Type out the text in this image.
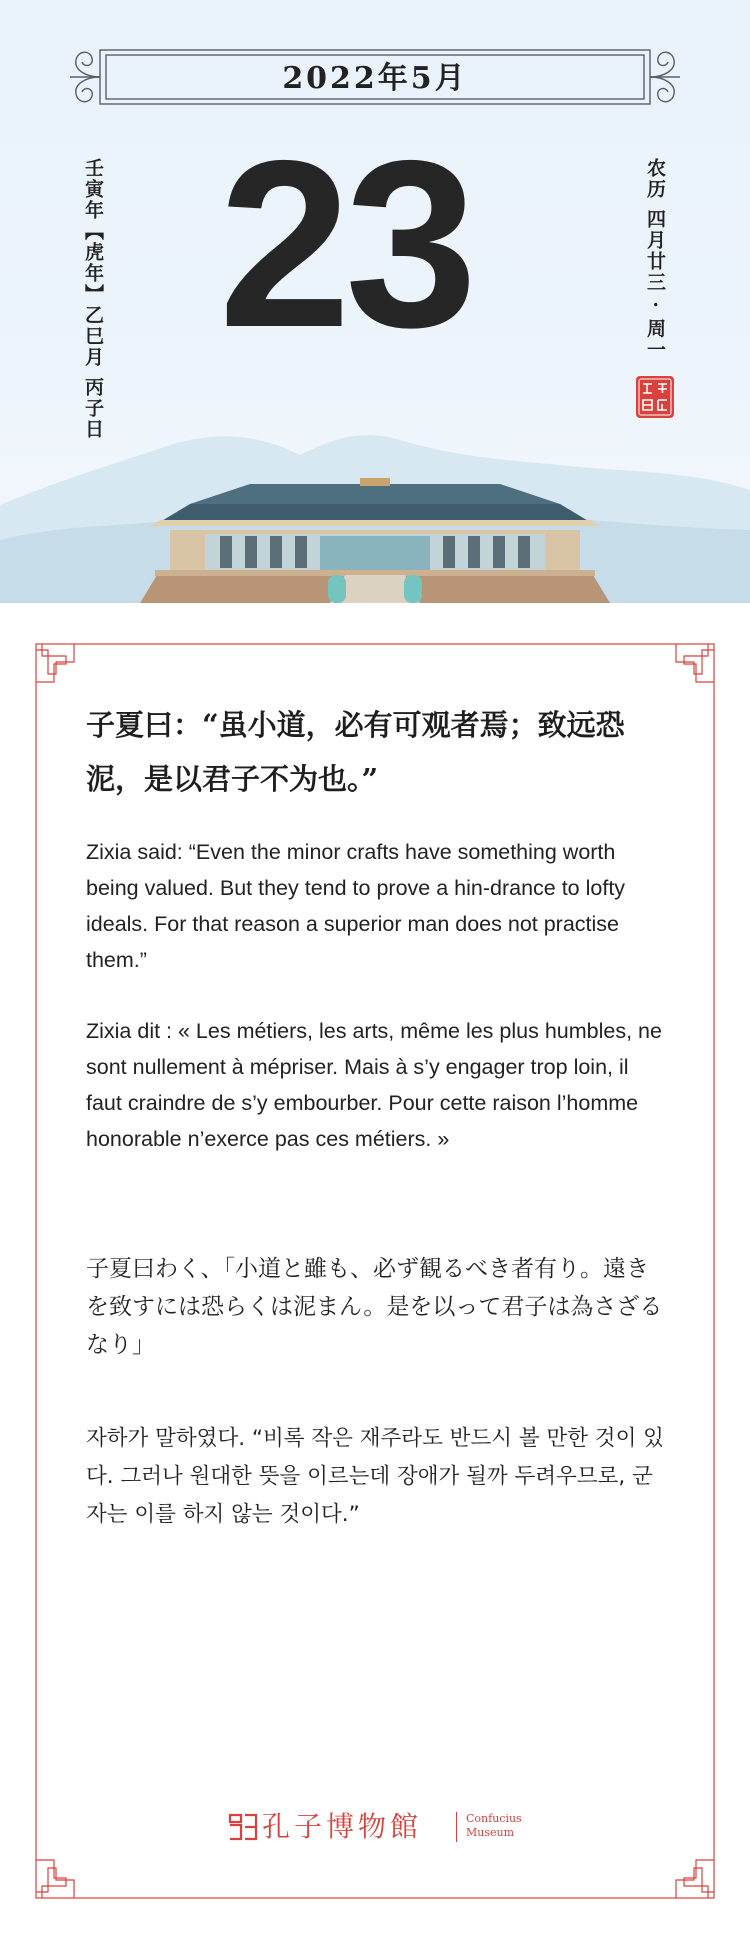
2022年5月
23
壬寅年【虎年】乙巳月 丙子日	农历 四月廿三 · 周一

子夏曰：“虽小道，必有可观者焉；致远恐泥，是以君子不为也。”

Zixia said: “Even the minor crafts have something worth being valued. But they tend to prove a hin-drance to lofty ideals. For that reason a superior man does not practise them.”

Zixia dit : « Les métiers, les arts, même les plus humbles, ne sont nullement à mépriser. Mais à s’y engager trop loin, il faut craindre de s’y embourber. Pour cette raison l’homme honorable n’exerce pas ces métiers. »

子夏曰わく、「小道と雖も、必ず観るべき者有り。遠きを致すには恐らくは泥まん。是を以って君子は為さざるなり」

자하가 말하였다. “비록 작은 재주라도 반드시 볼 만한 것이 있다. 그러나 원대한 뜻을 이르는데 장애가 될까 두려우므로, 군자는 이를 하지 않는 것이다.”

孔子博物館	Confucius
Museum
